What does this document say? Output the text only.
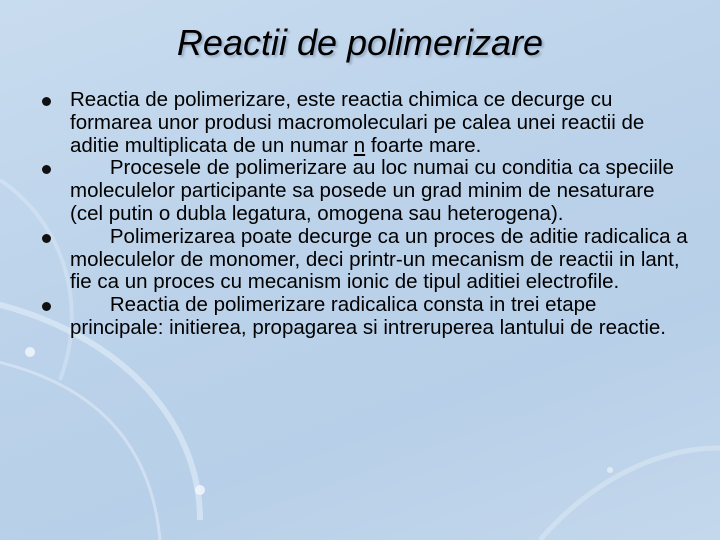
Reactii de polimerizare
Reactia de polimerizare, este reactia chimica ce decurge cu formarea unor produsi macromoleculari pe calea unei reactii de aditie multiplicata de un numar n foarte mare.
Procesele de polimerizare au loc numai cu conditia ca speciile moleculelor participante sa posede un grad minim de nesaturare (cel putin o dubla legatura, omogena sau heterogena).
Polimerizarea poate decurge ca un proces de aditie radicalica a moleculelor de monomer, deci printr-un mecanism de reactii in lant, fie ca un proces cu mecanism ionic de tipul aditiei electrofile.
Reactia de polimerizare radicalica consta in trei etape principale: initierea, propagarea si intreruperea lantului de reactie.
